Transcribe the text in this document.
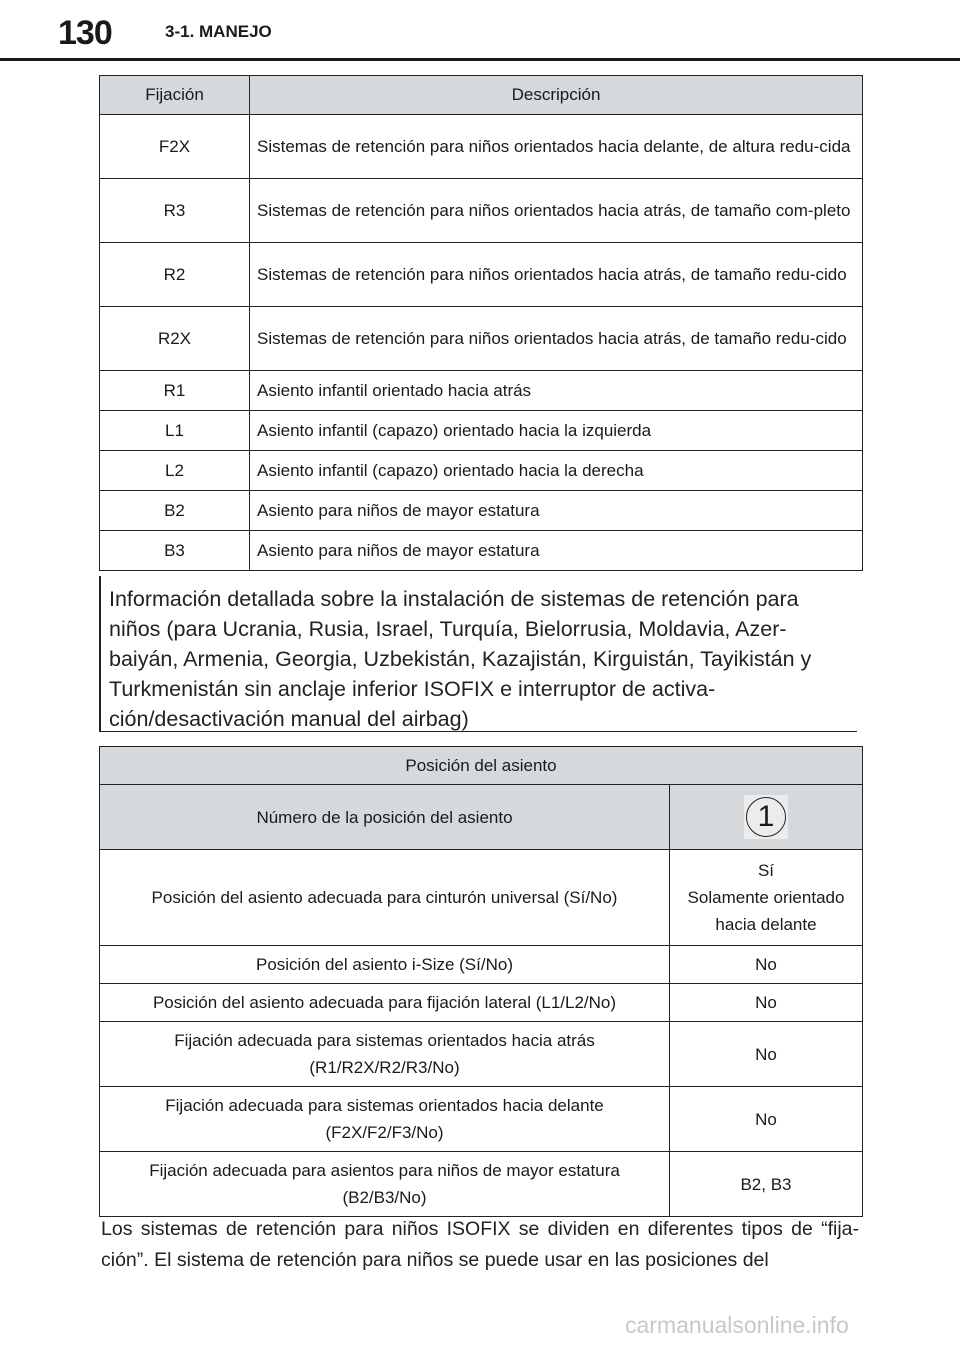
130	3-1. MANEJO
Fijación	Descripción
F2X	Sistemas de retención para niños orientados hacia delante, de altura redu-cida
R3	Sistemas de retención para niños orientados hacia atrás, de tamaño com-pleto
R2	Sistemas de retención para niños orientados hacia atrás, de tamaño redu-cido
R2X	Sistemas de retención para niños orientados hacia atrás, de tamaño redu-cido
R1	Asiento infantil orientado hacia atrás
L1	Asiento infantil (capazo) orientado hacia la izquierda
L2	Asiento infantil (capazo) orientado hacia la derecha
B2	Asiento para niños de mayor estatura
B3	Asiento para niños de mayor estatura
Información detallada sobre la instalación de sistemas de retención para niños (para Ucrania, Rusia, Israel, Turquía, Bielorrusia, Moldavia, Azer-baiyán, Armenia, Georgia, Uzbekistán, Kazajistán, Kirguistán, Tayikistán y Turkmenistán sin anclaje inferior ISOFIX e interruptor de activa-ción/desactivación manual del airbag)
Posición del asiento	
Número de la posición del asiento	1

Posición del asiento adecuada para cinturón universal (Sí/No)	Sí
Solamente orientado hacia delante

Posición del asiento i-Size (Sí/No)	No
Posición del asiento adecuada para fijación lateral (L1/L2/No)	No

Fijación adecuada para sistemas orientados hacia atrás
(R1/R2X/R2/R3/No)	No

Fijación adecuada para sistemas orientados hacia delante
(F2X/F2/F3/No)	No

Fijación adecuada para asientos para niños de mayor estatura
(B2/B3/No)	B2, B3
Los sistemas de retención para niños ISOFIX se dividen en diferentes tipos de “fija-ción”. El sistema de retención para niños se puede usar en las posiciones del
carmanualsonline.info
